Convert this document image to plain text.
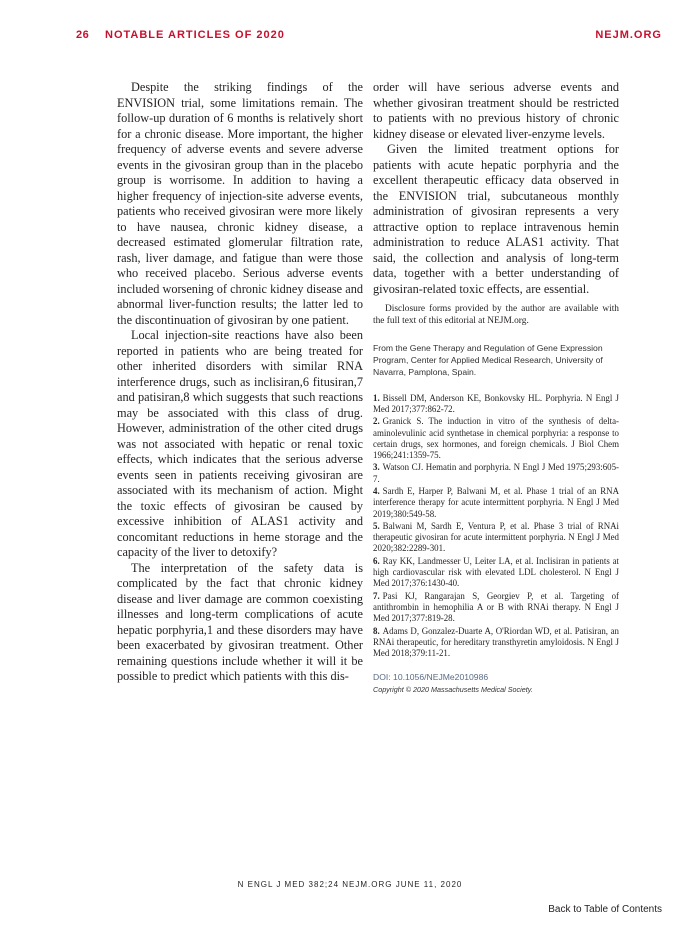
26 NOTABLE ARTICLES OF 2020	NEJM.ORG

Despite the striking findings of the ENVISION trial, some limitations remain. The follow-up duration of 6 months is relatively short for a chronic disease. More important, the higher frequency of adverse events and severe adverse events in the givosiran group than in the placebo group is worrisome. In addition to having a higher frequency of injection-site adverse events, patients who received givosiran were more likely to have nausea, chronic kidney disease, a decreased estimated glomerular filtration rate, rash, liver damage, and fatigue than were those who received placebo. Serious adverse events included worsening of chronic kidney disease and abnormal liver-function results; the latter led to the discontinuation of givosiran by one patient.

Local injection-site reactions have also been reported in patients who are being treated for other inherited disorders with similar RNA interference drugs, such as inclisiran,6 fitusiran,7 and patisiran,8 which suggests that such reactions may be associated with this class of drug. However, administration of the other cited drugs was not associated with hepatic or renal toxic effects, which indicates that the serious adverse events seen in patients receiving givosiran are associated with its mechanism of action. Might the toxic effects of givosiran be caused by excessive inhibition of ALAS1 activity and concomitant reductions in heme storage and the capacity of the liver to detoxify?

The interpretation of the safety data is complicated by the fact that chronic kidney disease and liver damage are common coexisting illnesses and long-term complications of acute hepatic porphyria,1 and these disorders may have been exacerbated by givosiran treatment. Other remaining questions include whether it will it be possible to predict which patients with this dis-

order will have serious adverse events and whether givosiran treatment should be restricted to patients with no previous history of chronic kidney disease or elevated liver-enzyme levels.

Given the limited treatment options for patients with acute hepatic porphyria and the excellent therapeutic efficacy data observed in the ENVISION trial, subcutaneous monthly administration of givosiran represents a very attractive option to replace intravenous hemin administration to reduce ALAS1 activity. That said, the collection and analysis of long-term data, together with a better understanding of givosiran-related toxic effects, are essential.

Disclosure forms provided by the author are available with the full text of this editorial at NEJM.org.

From the Gene Therapy and Regulation of Gene Expression Program, Center for Applied Medical Research, University of Navarra, Pamplona, Spain.

1. Bissell DM, Anderson KE, Bonkovsky HL. Porphyria. N Engl J Med 2017;377:862-72.
2. Granick S. The induction in vitro of the synthesis of delta-aminolevulinic acid synthetase in chemical porphyria: a response to certain drugs, sex hormones, and foreign chemicals. J Biol Chem 1966;241:1359-75.
3. Watson CJ. Hematin and porphyria. N Engl J Med 1975;293:605-7.
4. Sardh E, Harper P, Balwani M, et al. Phase 1 trial of an RNA interference therapy for acute intermittent porphyria. N Engl J Med 2019;380:549-58.
5. Balwani M, Sardh E, Ventura P, et al. Phase 3 trial of RNAi therapeutic givosiran for acute intermittent porphyria. N Engl J Med 2020;382:2289-301.
6. Ray KK, Landmesser U, Leiter LA, et al. Inclisiran in patients at high cardiovascular risk with elevated LDL cholesterol. N Engl J Med 2017;376:1430-40.
7. Pasi KJ, Rangarajan S, Georgiev P, et al. Targeting of antithrombin in hemophilia A or B with RNAi therapy. N Engl J Med 2017;377:819-28.
8. Adams D, Gonzalez-Duarte A, O'Riordan WD, et al. Patisiran, an RNAi therapeutic, for hereditary transthyretin amyloidosis. N Engl J Med 2018;379:11-21.

DOI: 10.1056/NEJMe2010986

Copyright © 2020 Massachusetts Medical Society.

N ENGL J MED 382;24 NEJM.ORG JUNE 11, 2020
Back to Table of Contents
